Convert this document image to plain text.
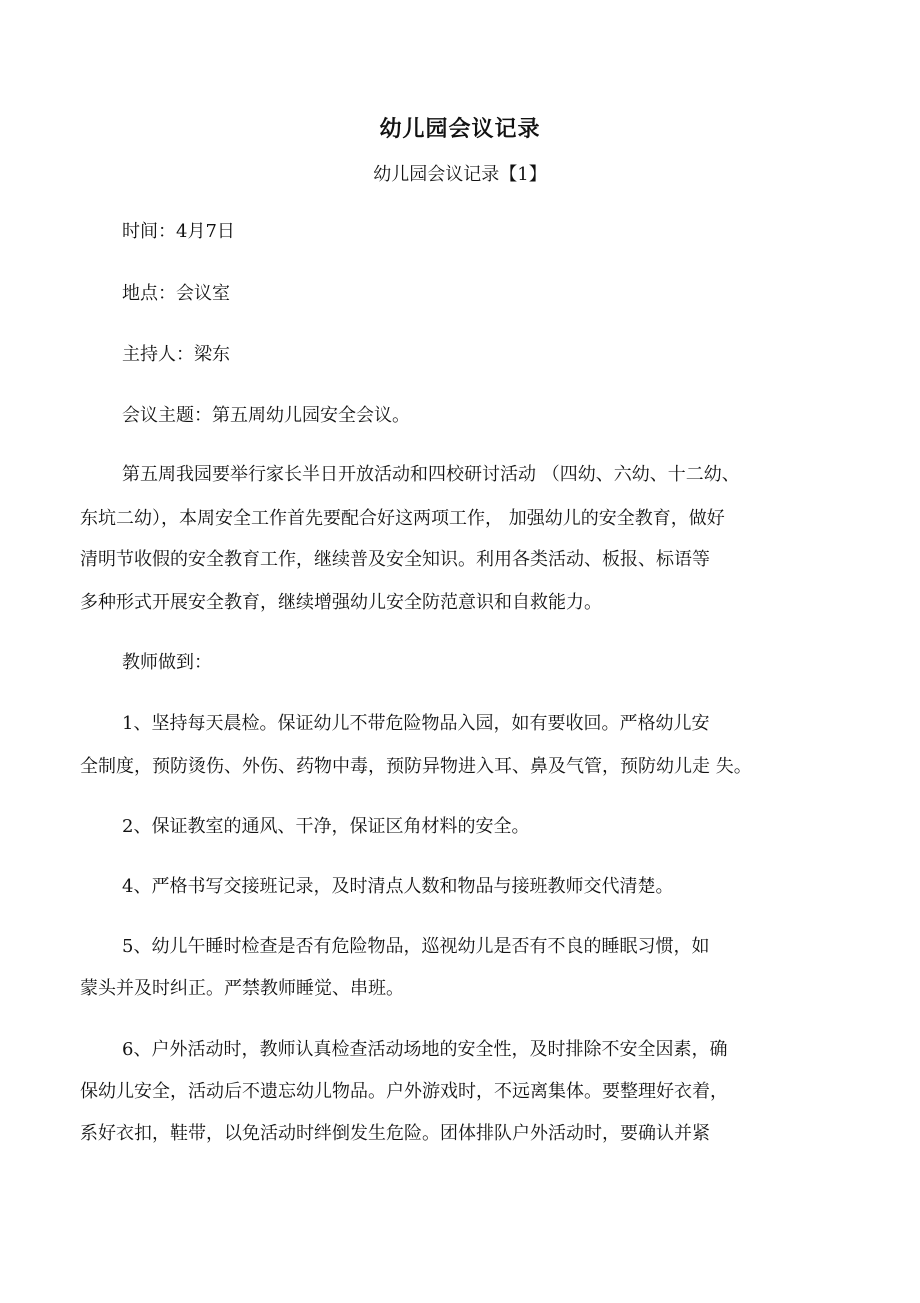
幼儿园会议记录
幼儿园会议记录【1】
时间：4月7日
地点：会议室
主持人：梁东
会议主题：第五周幼儿园安全会议。
第五周我园要举行家长半日开放活动和四校研讨活动 （四幼、六幼、十二幼、
东坑二幼），本周安全工作首先要配合好这两项工作， 加强幼儿的安全教育，做好
清明节收假的安全教育工作，继续普及安全知识。利用各类活动、板报、标语等
多种形式开展安全教育，继续增强幼儿安全防范意识和自救能力。
教师做到：
1、坚持每天晨检。保证幼儿不带危险物品入园，如有要收回。严格幼儿安
全制度，预防烫伤、外伤、药物中毒，预防异物进入耳、鼻及气管，预防幼儿走 失。
2、保证教室的通风、干净，保证区角材料的安全。
4、严格书写交接班记录，及时清点人数和物品与接班教师交代清楚。
5、幼儿午睡时检查是否有危险物品，巡视幼儿是否有不良的睡眠习惯，如
蒙头并及时纠正。严禁教师睡觉、串班。
6、户外活动时，教师认真检查活动场地的安全性，及时排除不安全因素，确
保幼儿安全，活动后不遗忘幼儿物品。户外游戏时，不远离集体。要整理好衣着，
系好衣扣，鞋带，以免活动时绊倒发生危险。团体排队户外活动时，要确认并紧
